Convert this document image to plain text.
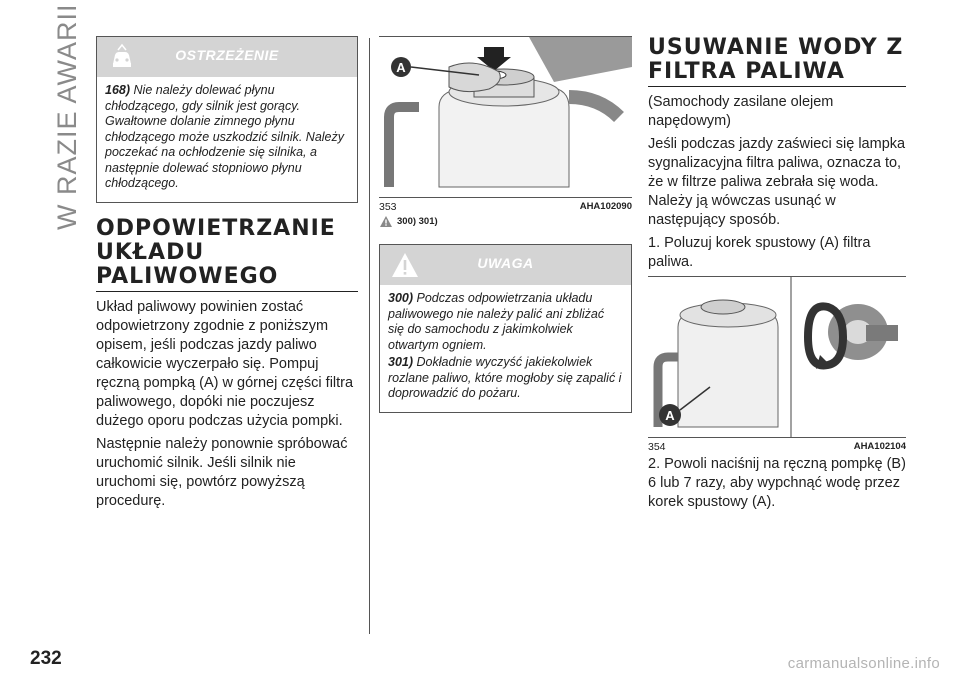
W RAZIE AWARII	OSTRZEŻENIE

168) Nie należy dolewać płynu chłodzącego, gdy silnik jest gorący. Gwałtowne dolanie zimnego płynu chłodzącego może uszkodzić silnik. Należy poczekać na ochłodzenie się silnika, a następnie dolewać stopniowo płynu chłodzącego.

ODPOWIETRZANIE
UKŁADU
PALIWOWEGO

Układ paliwowy powinien zostać odpowietrzony zgodnie z poniższym opisem, jeśli podczas jazdy paliwo całkowicie wyczerpało się. Pompuj ręczną pompką (A) w górnej części filtra paliwowego, dopóki nie poczujesz dużego oporu podczas użycia pompki.

Następnie należy ponownie spróbować uruchomić silnik. Jeśli silnik nie uruchomi się, powtórz powyższą procedurę.

A
353	AHA102090
300) 301)
UWAGA

300) Podczas odpowietrzania układu paliwowego nie należy palić ani zbliżać się do samochodu z jakimkolwiek otwartym ogniem.

301) Dokładnie wyczyść jakiekolwiek rozlane paliwo, które mogłoby się zapalić i doprowadzić do pożaru.

USUWANIE WODY Z
FILTRA PALIWA

(Samochody zasilane olejem napędowym)

Jeśli podczas jazdy zaświeci się lampka sygnalizacyjna filtra paliwa, oznacza to, że w filtrze paliwa zebrała się woda. Należy ją wówczas usunąć w następujący sposób.

1. Poluzuj korek spustowy (A) filtra paliwa.

A
354	AHA102104

2. Powoli naciśnij na ręczną pompkę (B) 6 lub 7 razy, aby wypchnąć wodę przez korek spustowy (A).

232	carmanualsonline.info
